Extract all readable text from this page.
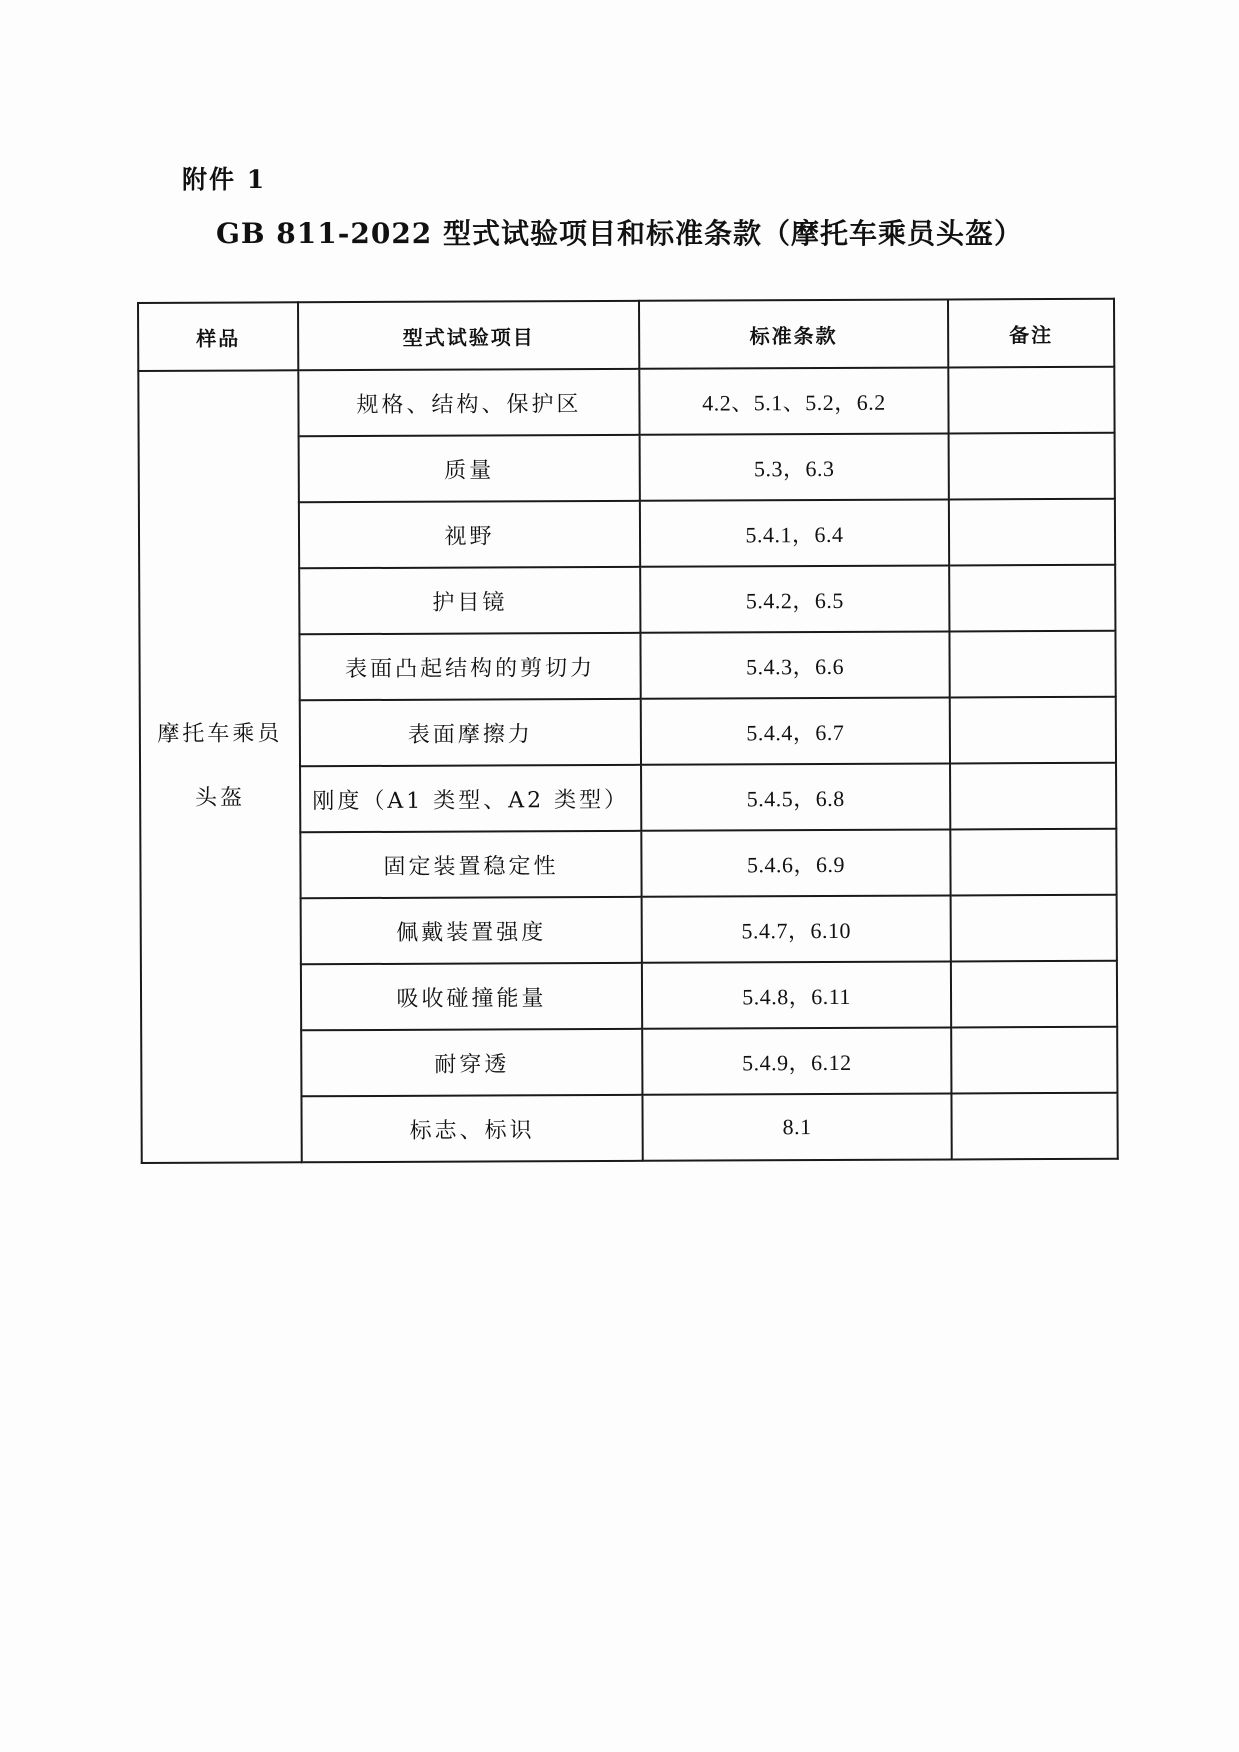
附件 1
GB 811-2022 型式试验项目和标准条款（摩托车乘员头盔）
样品	型式试验项目	标准条款	备注

摩托车乘员
头盔	规格、结构、保护区	4.2、5.1、5.2，6.2	
	质量	5.3，6.3	
	视野	5.4.1，6.4	
	护目镜	5.4.2，6.5	
	表面凸起结构的剪切力	5.4.3，6.6	
	表面摩擦力	5.4.4，6.7	
	刚度（A1 类型、A2 类型）	5.4.5，6.8	
	固定装置稳定性	5.4.6，6.9	
	佩戴装置强度	5.4.7，6.10	
	吸收碰撞能量	5.4.8，6.11	
	耐穿透	5.4.9，6.12	
	标志、标识	8.1	
